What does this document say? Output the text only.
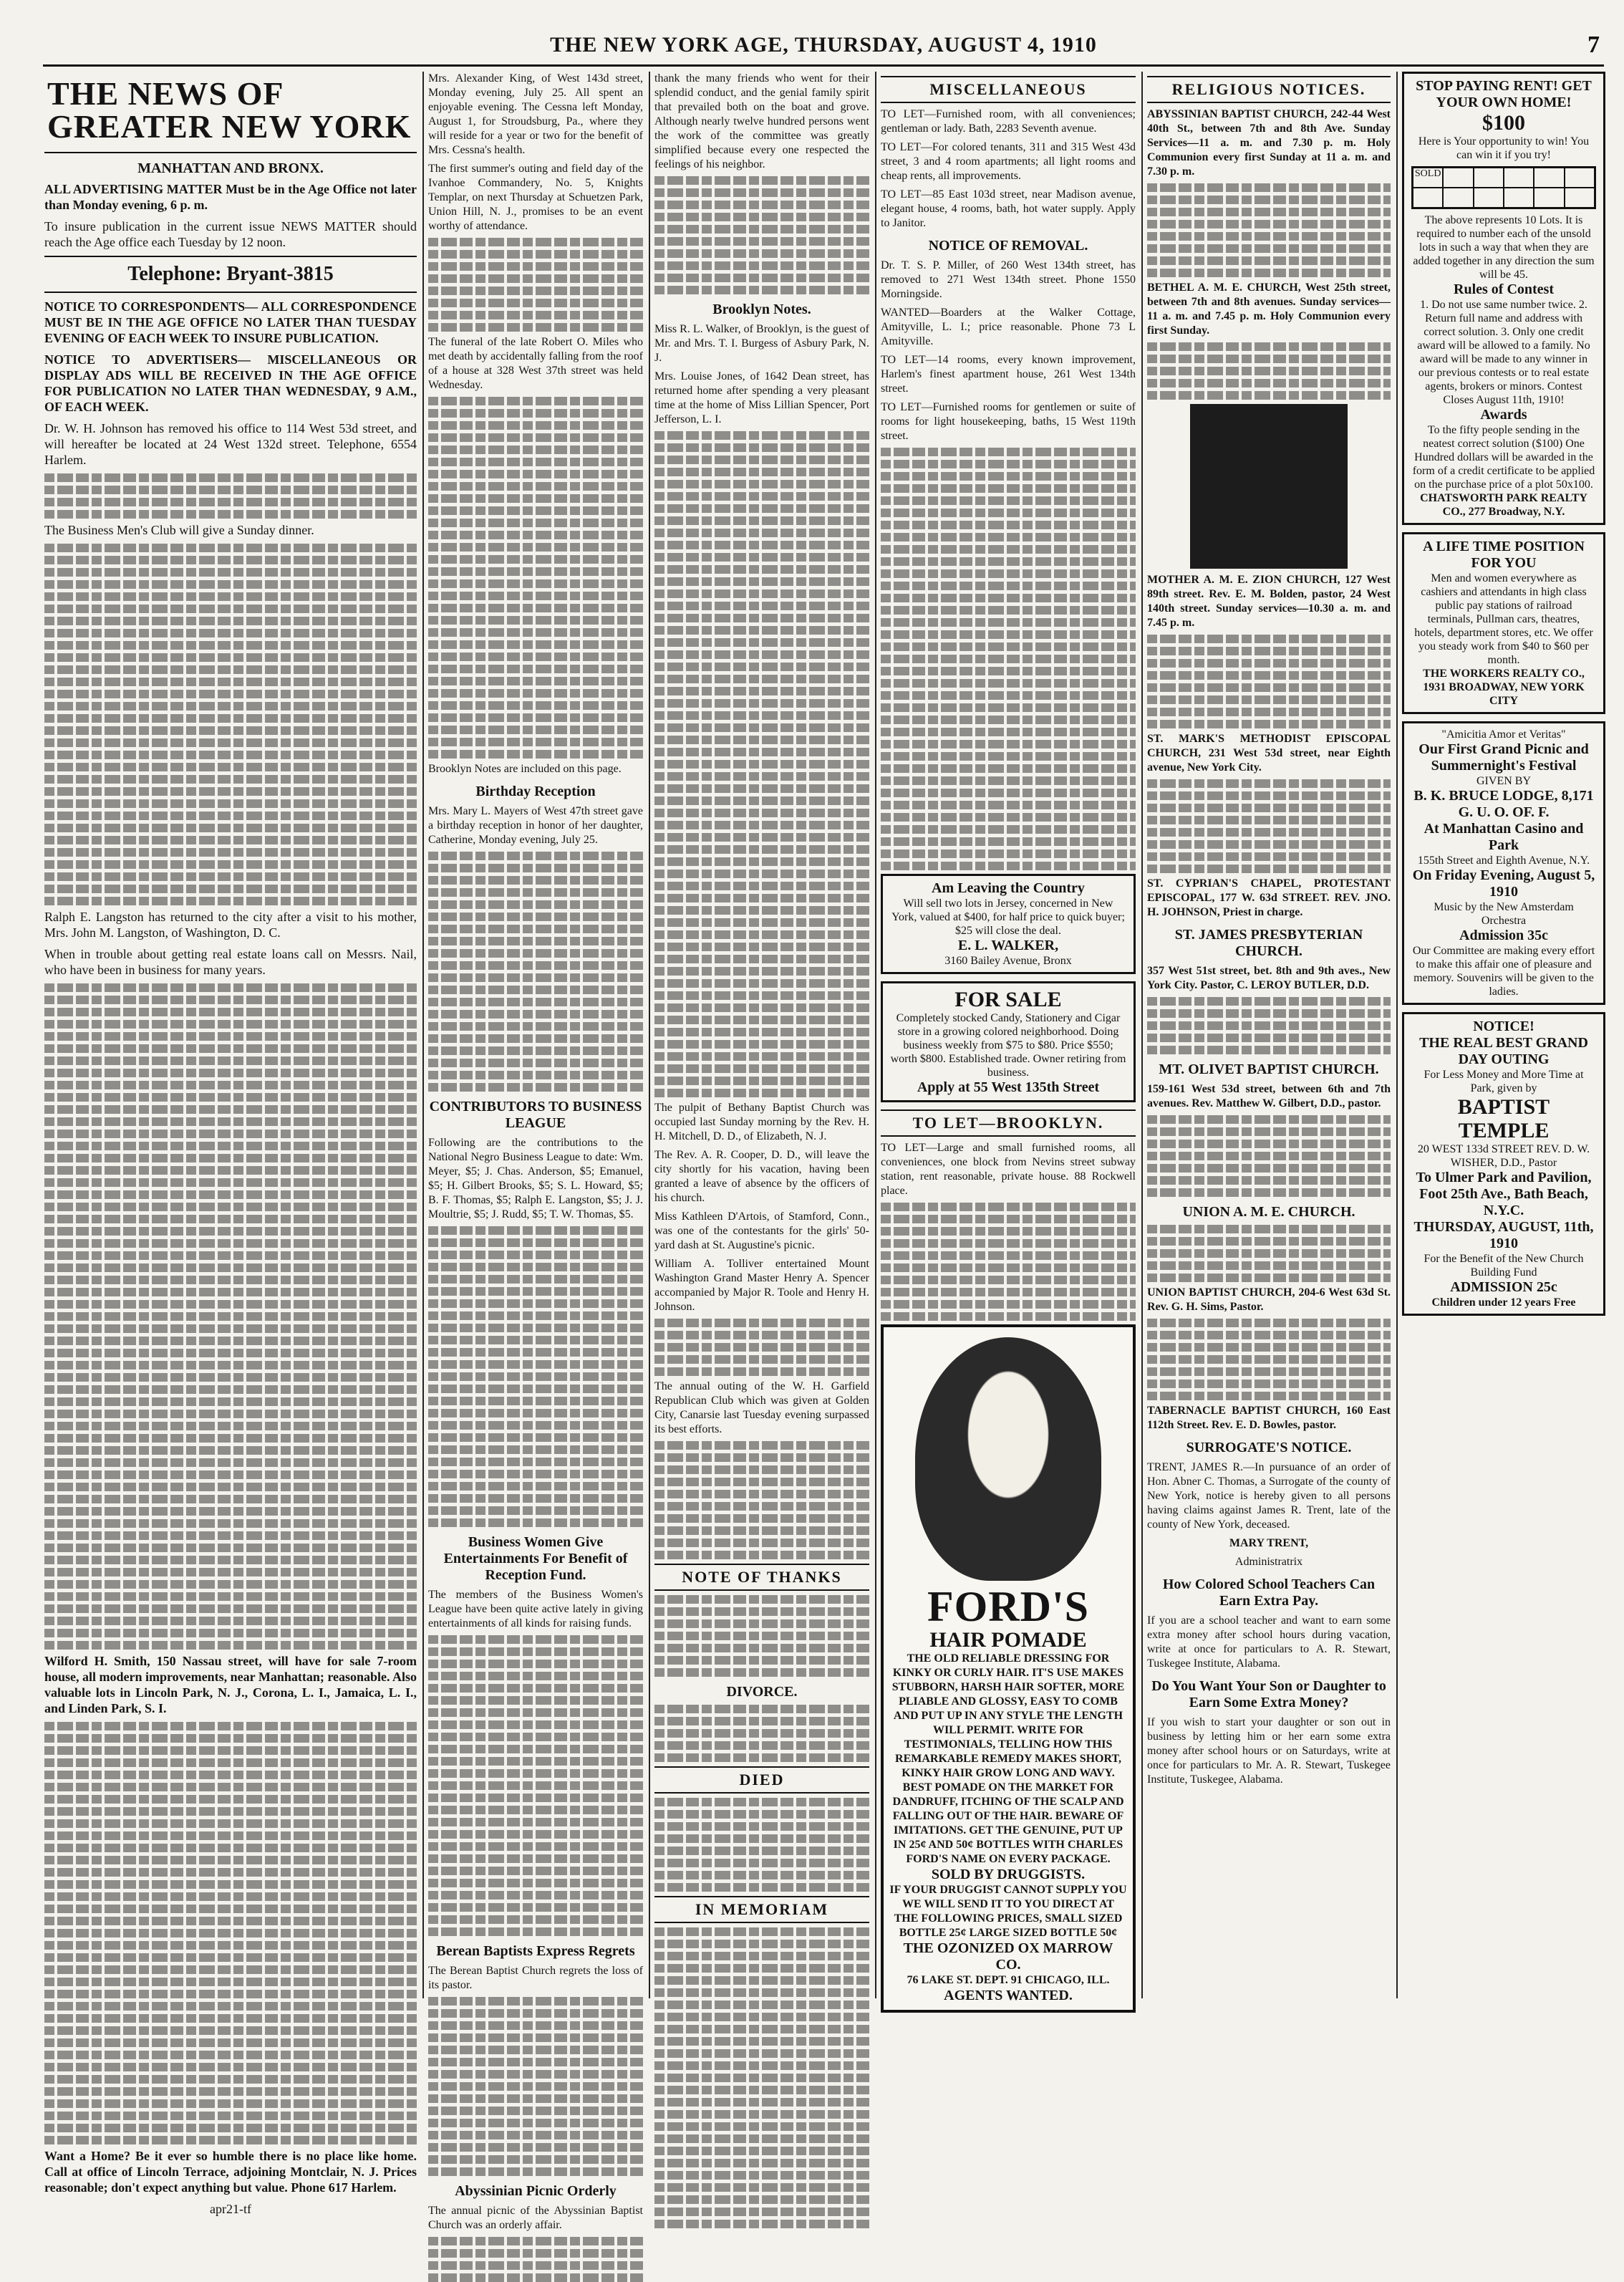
THE NEW YORK AGE, THURSDAY, AUGUST 4, 1910	7
THE NEWS OF GREATER NEW YORK
MANHATTAN AND BRONX.

ALL ADVERTISING MATTER Must be in the Age Office not later than Monday evening, 6 p. m.

To insure publication in the current issue NEWS MATTER should reach the Age office each Tuesday by 12 noon.

Telephone: Bryant-3815

NOTICE TO CORRESPONDENTS— ALL CORRESPONDENCE MUST BE IN THE AGE OFFICE NO LATER THAN TUESDAY EVENING OF EACH WEEK TO INSURE PUBLICATION.

NOTICE TO ADVERTISERS— MISCELLANEOUS OR DISPLAY ADS WILL BE RECEIVED IN THE AGE OFFICE FOR PUBLICATION NO LATER THAN WEDNESDAY, 9 A.M., OF EACH WEEK.

Dr. W. H. Johnson has removed his office to 114 West 53d street, and will hereafter be located at 24 West 132d street. Telephone, 6554 Harlem.

The Business Men's Club will give a Sunday dinner.

Ralph E. Langston has returned to the city after a visit to his mother, Mrs. John M. Langston, of Washington, D. C.

When in trouble about getting real estate loans call on Messrs. Nail, who have been in business for many years.

Wilford H. Smith, 150 Nassau street, will have for sale 7-room house, all modern improvements, near Manhattan; reasonable. Also valuable lots in Lincoln Park, N. J., Corona, L. I., Jamaica, L. I., and Linden Park, S. I.

Want a Home? Be it ever so humble there is no place like home. Call at office of Lincoln Terrace, adjoining Montclair, N. J. Prices reasonable; don't expect anything but value. Phone 617 Harlem.

apr21-tf

Mrs. Alexander King, of West 143d street, Monday evening, July 25. All spent an enjoyable evening. The Cessna left Monday, August 1, for Stroudsburg, Pa., where they will reside for a year or two for the benefit of Mrs. Cessna's health.

The first summer's outing and field day of the Ivanhoe Commandery, No. 5, Knights Templar, on next Thursday at Schuetzen Park, Union Hill, N. J., promises to be an event worthy of attendance.

The funeral of the late Robert O. Miles who met death by accidentally falling from the roof of a house at 328 West 37th street was held Wednesday.

Brooklyn Notes are included on this page.

Birthday Reception

Mrs. Mary L. Mayers of West 47th street gave a birthday reception in honor of her daughter, Catherine, Monday evening, July 25.

CONTRIBUTORS TO BUSINESS LEAGUE

Following are the contributions to the National Negro Business League to date: Wm. Meyer, $5; J. Chas. Anderson, $5; Emanuel, $5; H. Gilbert Brooks, $5; S. L. Howard, $5; B. F. Thomas, $5; Ralph E. Langston, $5; J. J. Moultrie, $5; J. Rudd, $5; T. W. Thomas, $5.

Business Women Give Entertainments For Benefit of Reception Fund.

The members of the Business Women's League have been quite active lately in giving entertainments of all kinds for raising funds.

Berean Baptists Express Regrets

The Berean Baptist Church regrets the loss of its pastor.

Abyssinian Picnic Orderly

The annual picnic of the Abyssinian Baptist Church was an orderly affair.

thank the many friends who went for their splendid conduct, and the genial family spirit that prevailed both on the boat and grove. Although nearly twelve hundred persons went the work of the committee was greatly simplified because every one respected the feelings of his neighbor.

Brooklyn Notes.

Miss R. L. Walker, of Brooklyn, is the guest of Mr. and Mrs. T. I. Burgess of Asbury Park, N. J.

Mrs. Louise Jones, of 1642 Dean street, has returned home after spending a very pleasant time at the home of Miss Lillian Spencer, Port Jefferson, L. I.

The pulpit of Bethany Baptist Church was occupied last Sunday morning by the Rev. H. H. Mitchell, D. D., of Elizabeth, N. J.

The Rev. A. R. Cooper, D. D., will leave the city shortly for his vacation, having been granted a leave of absence by the officers of his church.

Miss Kathleen D'Artois, of Stamford, Conn., was one of the contestants for the girls' 50-yard dash at St. Augustine's picnic.

William A. Tolliver entertained Mount Washington Grand Master Henry A. Spencer accompanied by Major R. Toole and Henry H. Johnson.

The annual outing of the W. H. Garfield Republican Club which was given at Golden City, Canarsie last Tuesday evening surpassed its best efforts.

NOTE OF THANKS
DIVORCE.
DIED
IN MEMORIAM
MISCELLANEOUS

TO LET—Furnished room, with all conveniences; gentleman or lady. Bath, 2283 Seventh avenue.

TO LET—For colored tenants, 311 and 315 West 43d street, 3 and 4 room apartments; all light rooms and cheap rents, all improvements.

TO LET—85 East 103d street, near Madison avenue, elegant house, 4 rooms, bath, hot water supply. Apply to Janitor.

NOTICE OF REMOVAL.

Dr. T. S. P. Miller, of 260 West 134th street, has removed to 271 West 134th street. Phone 1550 Morningside.

WANTED—Boarders at the Walker Cottage, Amityville, L. I.; price reasonable. Phone 73 L Amityville.

TO LET—14 rooms, every known improvement, Harlem's finest apartment house, 261 West 134th street.

TO LET—Furnished rooms for gentlemen or suite of rooms for light housekeeping, baths, 15 West 119th street.

Am Leaving the Country
Will sell two lots in Jersey, concerned in New York, valued at $400, for half price to quick buyer; $25 will close the deal.
E. L. WALKER,
3160 Bailey Avenue, Bronx
FOR SALE
Completely stocked Candy, Stationery and Cigar store in a growing colored neighborhood. Doing business weekly from $75 to $80. Price $550; worth $800. Established trade. Owner retiring from business.
Apply at 55 West 135th Street
TO LET—BROOKLYN.

TO LET—Large and small furnished rooms, all conveniences, one block from Nevins street subway station, rent reasonable, private house. 88 Rockwell place.

FORD'S
HAIR POMADE
THE OLD RELIABLE DRESSING FOR KINKY OR CURLY HAIR. IT'S USE MAKES STUBBORN, HARSH HAIR SOFTER, MORE PLIABLE AND GLOSSY, EASY TO COMB AND PUT UP IN ANY STYLE THE LENGTH WILL PERMIT. WRITE FOR TESTIMONIALS, TELLING HOW THIS REMARKABLE REMEDY MAKES SHORT, KINKY HAIR GROW LONG AND WAVY. BEST POMADE ON THE MARKET FOR DANDRUFF, ITCHING OF THE SCALP AND FALLING OUT OF THE HAIR. BEWARE OF IMITATIONS. GET THE GENUINE, PUT UP IN 25¢ AND 50¢ BOTTLES WITH CHARLES FORD'S NAME ON EVERY PACKAGE.
SOLD BY DRUGGISTS.
IF YOUR DRUGGIST CANNOT SUPPLY YOU WE WILL SEND IT TO YOU DIRECT AT THE FOLLOWING PRICES, SMALL SIZED BOTTLE 25¢ LARGE SIZED BOTTLE 50¢
THE OZONIZED OX MARROW CO.
76 LAKE ST. DEPT. 91 CHICAGO, ILL.
AGENTS WANTED.
RELIGIOUS NOTICES.

ABYSSINIAN BAPTIST CHURCH, 242-44 West 40th St., between 7th and 8th Ave. Sunday Services—11 a. m. and 7.30 p. m. Holy Communion every first Sunday at 11 a. m. and 7.30 p. m.

BETHEL A. M. E. CHURCH, West 25th street, between 7th and 8th avenues. Sunday services—11 a. m. and 7.45 p. m. Holy Communion every first Sunday.

MOTHER A. M. E. ZION CHURCH, 127 West 89th street. Rev. E. M. Bolden, pastor, 24 West 140th street. Sunday services—10.30 a. m. and 7.45 p. m.

ST. MARK'S METHODIST EPISCOPAL CHURCH, 231 West 53d street, near Eighth avenue, New York City.

ST. CYPRIAN'S CHAPEL, PROTESTANT EPISCOPAL, 177 W. 63d STREET. REV. JNO. H. JOHNSON, Priest in charge.

ST. JAMES PRESBYTERIAN CHURCH.

357 West 51st street, bet. 8th and 9th aves., New York City. Pastor, C. LEROY BUTLER, D.D.

MT. OLIVET BAPTIST CHURCH.

159-161 West 53d street, between 6th and 7th avenues. Rev. Matthew W. Gilbert, D.D., pastor.

UNION A. M. E. CHURCH.

UNION BAPTIST CHURCH, 204-6 West 63d St. Rev. G. H. Sims, Pastor.

TABERNACLE BAPTIST CHURCH, 160 East 112th Street. Rev. E. D. Bowles, pastor.

SURROGATE'S NOTICE.

TRENT, JAMES R.—In pursuance of an order of Hon. Abner C. Thomas, a Surrogate of the county of New York, notice is hereby given to all persons having claims against James R. Trent, late of the county of New York, deceased.

MARY TRENT,
Administratrix
How Colored School Teachers Can Earn Extra Pay.

If you are a school teacher and want to earn some extra money after school hours during vacation, write at once for particulars to A. R. Stewart, Tuskegee Institute, Alabama.

Do You Want Your Son or Daughter to Earn Some Extra Money?

If you wish to start your daughter or son out in business by letting him or her earn some extra money after school hours or on Saturdays, write at once for particulars to Mr. A. R. Stewart, Tuskegee Institute, Tuskegee, Alabama.

STOP PAYING RENT! GET YOUR OWN HOME!
$100
Here is Your opportunity to win! You can win it if you try!
SOLD
The above represents 10 Lots. It is required to number each of the unsold lots in such a way that when they are added together in any direction the sum will be 45.
Rules of Contest
1. Do not use same number twice. 2. Return full name and address with correct solution. 3. Only one credit award will be allowed to a family. No award will be made to any winner in our previous contests or to real estate agents, brokers or minors. Contest Closes August 11th, 1910!
Awards
To the fifty people sending in the neatest correct solution ($100) One Hundred dollars will be awarded in the form of a credit certificate to be applied on the purchase price of a plot 50x100.
CHATSWORTH PARK REALTY CO., 277 Broadway, N.Y.
A LIFE TIME POSITION FOR YOU
Men and women everywhere as cashiers and attendants in high class public pay stations of railroad terminals, Pullman cars, theatres, hotels, department stores, etc. We offer you steady work from $40 to $60 per month.
THE WORKERS REALTY CO., 1931 BROADWAY, NEW YORK CITY
"Amicitia Amor et Veritas"
Our First Grand Picnic and Summernight's Festival
GIVEN BY
B. K. BRUCE LODGE, 8,171 G. U. O. OF. F.
At Manhattan Casino and Park
155th Street and Eighth Avenue, N.Y.
On Friday Evening, August 5, 1910
Music by the New Amsterdam Orchestra
Admission 35c
Our Committee are making every effort to make this affair one of pleasure and memory. Souvenirs will be given to the ladies.
NOTICE!
THE REAL BEST GRAND DAY OUTING
For Less Money and More Time at Park, given by
BAPTIST TEMPLE
20 WEST 133d STREET REV. D. W. WISHER, D.D., Pastor
To Ulmer Park and Pavilion, Foot 25th Ave., Bath Beach, N.Y.C.
THURSDAY, AUGUST, 11th, 1910
For the Benefit of the New Church Building Fund
ADMISSION 25c
Children under 12 years Free
